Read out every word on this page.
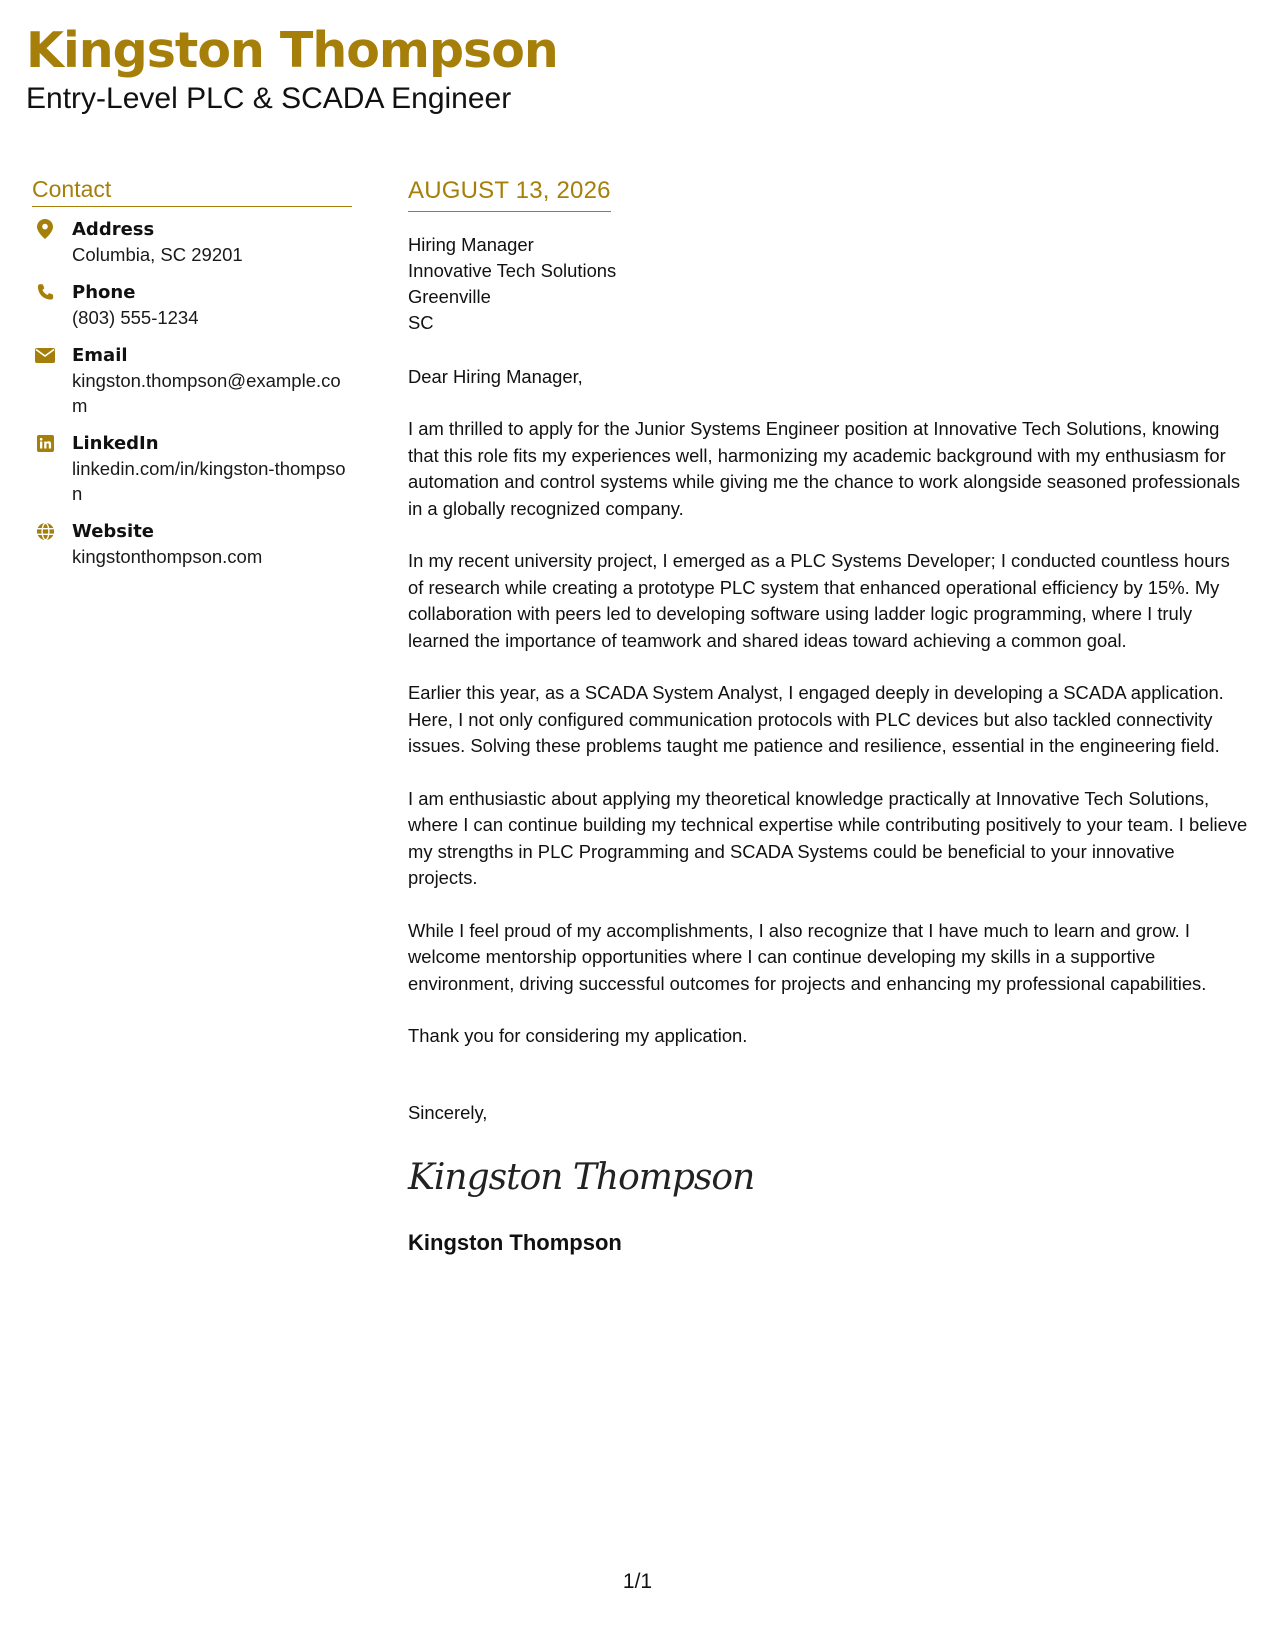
Kingston Thompson
Entry-Level PLC & SCADA Engineer
Contact
Address
Columbia, SC 29201
Phone
(803) 555-1234
Email
kingston.thompson@example.com
LinkedIn
linkedin.com/in/kingston-thompson
Website
kingstonthompson.com
AUGUST 13, 2026
Hiring Manager
Innovative Tech Solutions
Greenville
SC
Dear Hiring Manager,
I am thrilled to apply for the Junior Systems Engineer position at Innovative Tech Solutions, knowing that this role fits my experiences well, harmonizing my academic background with my enthusiasm for automation and control systems while giving me the chance to work alongside seasoned professionals in a globally recognized company.
In my recent university project, I emerged as a PLC Systems Developer; I conducted countless hours of research while creating a prototype PLC system that enhanced operational efficiency by 15%. My collaboration with peers led to developing software using ladder logic programming, where I truly learned the importance of teamwork and shared ideas toward achieving a common goal.
Earlier this year, as a SCADA System Analyst, I engaged deeply in developing a SCADA application. Here, I not only configured communication protocols with PLC devices but also tackled connectivity issues. Solving these problems taught me patience and resilience, essential in the engineering field.
I am enthusiastic about applying my theoretical knowledge practically at Innovative Tech Solutions, where I can continue building my technical expertise while contributing positively to your team. I believe my strengths in PLC Programming and SCADA Systems could be beneficial to your innovative projects.
While I feel proud of my accomplishments, I also recognize that I have much to learn and grow. I welcome mentorship opportunities where I can continue developing my skills in a supportive environment, driving successful outcomes for projects and enhancing my professional capabilities.
Thank you for considering my application.
Sincerely,
Kingston Thompson
Kingston Thompson
1/1
